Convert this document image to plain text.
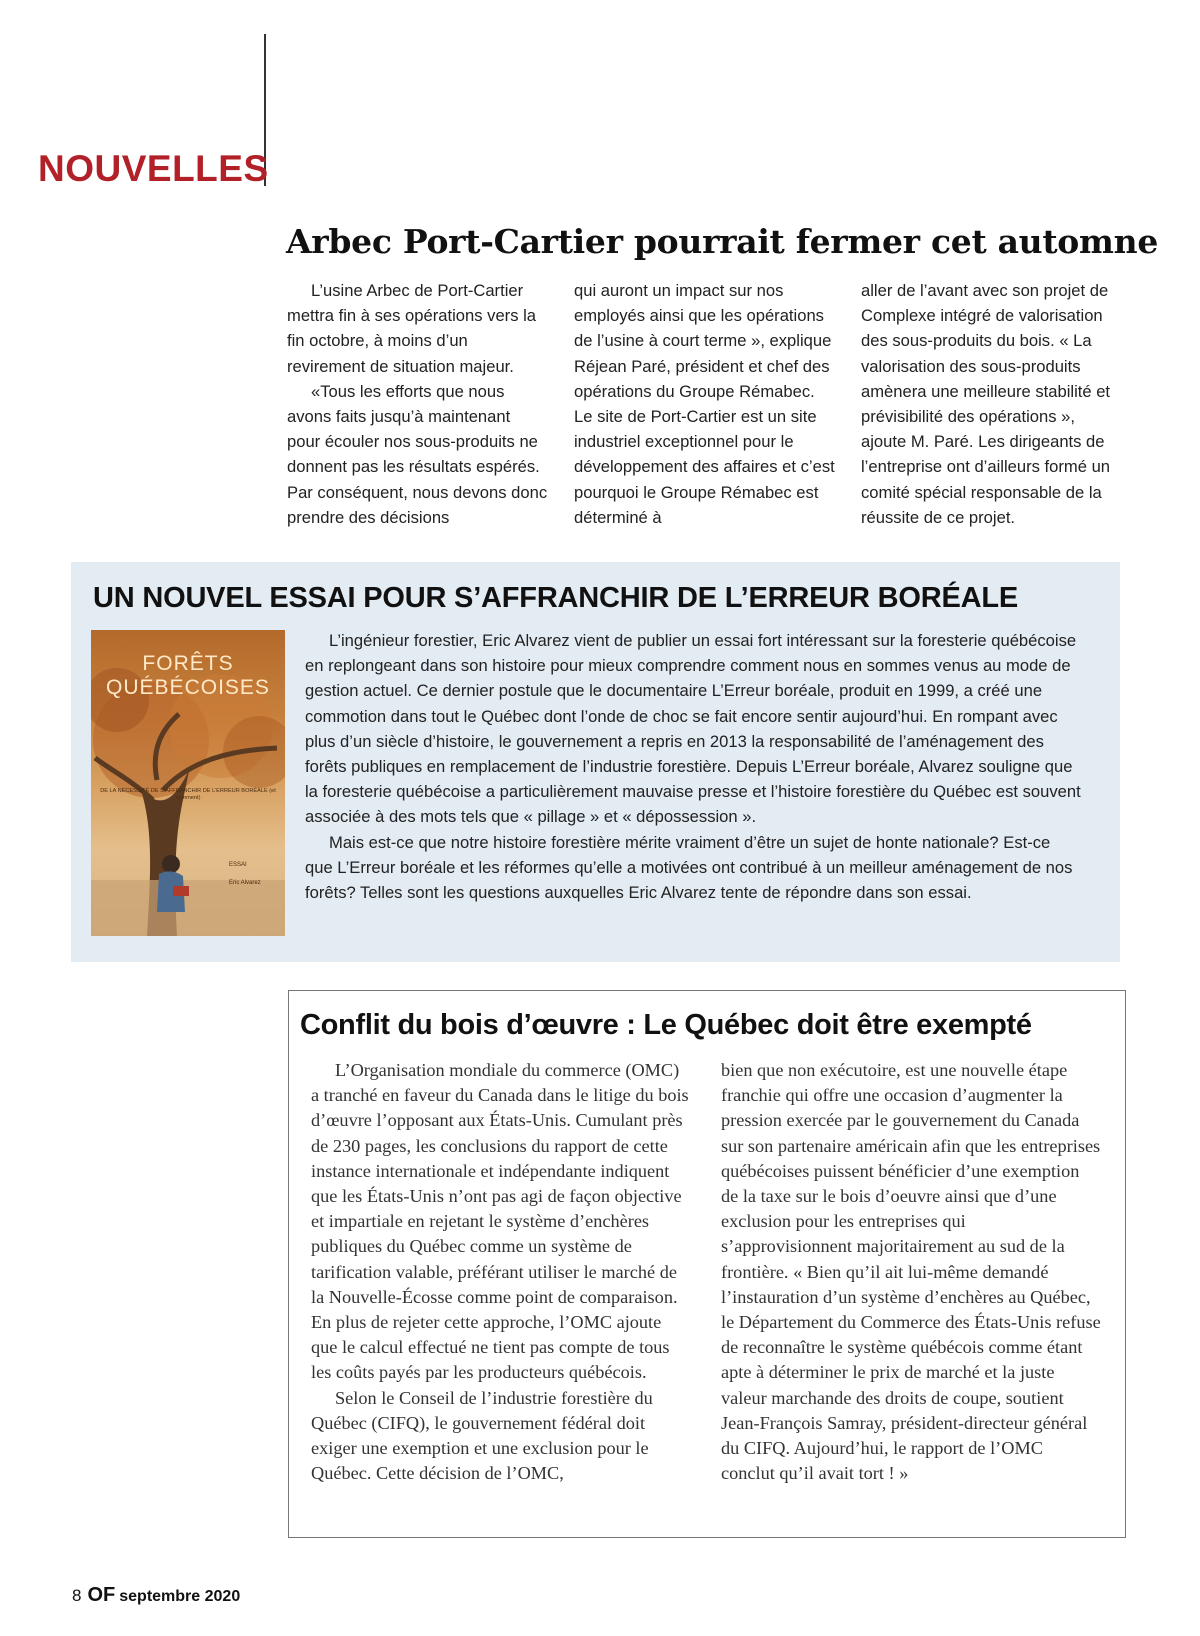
NOUVELLES
Arbec Port-Cartier pourrait fermer cet automne

L’usine Arbec de Port-Cartier mettra fin à ses opérations vers la fin octobre, à moins d’un revirement de situation majeur.

«Tous les efforts que nous avons faits jusqu’à maintenant pour écouler nos sous-produits ne donnent pas les résultats espérés. Par conséquent, nous devons donc prendre des décisions

qui auront un impact sur nos employés ainsi que les opérations de l’usine à court terme », explique Réjean Paré, président et chef des opérations du Groupe Rémabec. Le site de Port-Cartier est un site industriel exceptionnel pour le développement des affaires et c’est pourquoi le Groupe Rémabec est déterminé à

aller de l’avant avec son projet de Complexe intégré de valorisation des sous-produits du bois. « La valorisation des sous-produits amènera une meilleure stabilité et prévisibilité des opérations », ajoute M. Paré. Les dirigeants de l’entreprise ont d’ailleurs formé un comité spécial responsable de la réussite de ce projet.

UN NOUVEL ESSAI POUR S’AFFRANCHIR DE L’ERREUR BORÉALE
FORÊTS
QUÉBÉCOISES
DE LA NÉCESSITÉ DE S’AFFRANCHIR DE L’ERREUR BORÉALE (et comment)
ESSAI
Eric Alvarez

L’ingénieur forestier, Eric Alvarez vient de publier un essai fort intéressant sur la foresterie québécoise en replongeant dans son histoire pour mieux comprendre comment nous en sommes venus au mode de gestion actuel. Ce dernier postule que le documentaire L’Erreur boréale, produit en 1999, a créé une commotion dans tout le Québec dont l’onde de choc se fait encore sentir aujourd’hui. En rompant avec plus d’un siècle d’histoire, le gouvernement a repris en 2013 la responsabilité de l’aménagement des forêts publiques en remplacement de l’industrie forestière. Depuis L’Erreur boréale, Alvarez souligne que la foresterie québécoise a particulièrement mauvaise presse et l’histoire forestière du Québec est souvent associée à des mots tels que « pillage » et « dépossession ».

Mais est-ce que notre histoire forestière mérite vraiment d’être un sujet de honte nationale? Est-ce que L’Erreur boréale et les réformes qu’elle a motivées ont contribué à un meilleur aménagement de nos forêts? Telles sont les questions auxquelles Eric Alvarez tente de répondre dans son essai.

Conflit du bois d’œuvre : Le Québec doit être exempté

L’Organisation mondiale du commerce (OMC) a tranché en faveur du Canada dans le litige du bois d’œuvre l’opposant aux États-Unis. Cumulant près de 230 pages, les conclusions du rapport de cette instance internationale et indépendante indiquent que les États-Unis n’ont pas agi de façon objective et impartiale en rejetant le système d’enchères publiques du Québec comme un système de tarification valable, préférant utiliser le marché de la Nouvelle-Écosse comme point de comparaison. En plus de rejeter cette approche, l’OMC ajoute que le calcul effectué ne tient pas compte de tous les coûts payés par les producteurs québécois.

Selon le Conseil de l’industrie forestière du Québec (CIFQ), le gouvernement fédéral doit exiger une exemption et une exclusion pour le Québec. Cette décision de l’OMC,

bien que non exécutoire, est une nouvelle étape franchie qui offre une occasion d’augmenter la pression exercée par le gouvernement du Canada sur son partenaire américain afin que les entreprises québécoises puissent bénéficier d’une exemption de la taxe sur le bois d’oeuvre ainsi que d’une exclusion pour les entreprises qui s’approvisionnent majoritairement au sud de la frontière. « Bien qu’il ait lui-même demandé l’instauration d’un système d’enchères au Québec, le Département du Commerce des États-Unis refuse de reconnaître le système québécois comme étant apte à déterminer le prix de marché et la juste valeur marchande des droits de coupe, soutient Jean-François Samray, président-directeur général du CIFQ. Aujourd’hui, le rapport de l’OMC conclut qu’il avait tort ! »

8 OF septembre 2020
